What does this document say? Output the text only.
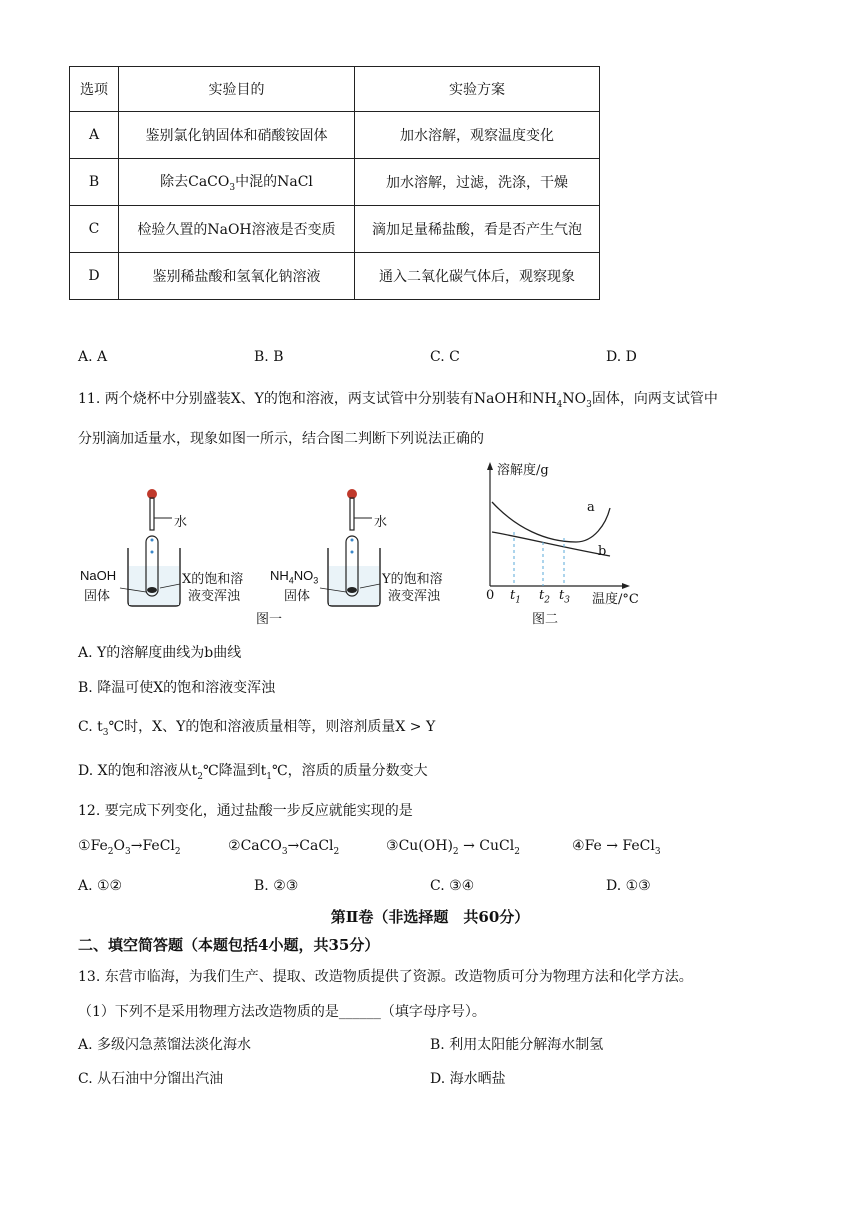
选项	实验目的	实验方案
A	鉴别氯化钠固体和硝酸铵固体	加水溶解，观察温度变化
B	除去CaCO$_3$中混的NaCl	加水溶解，过滤，洗涤，干燥
C	检验久置的NaOH溶液是否变质	滴加足量稀盐酸，看是否产生气泡
D	鉴别稀盐酸和氢氧化钠溶液	通入二氧化碳气体后，观察现象
A. A	B. B	C. C	D. D
11. 两个烧杯中分别盛装X、Y的饱和溶液，两支试管中分别装有NaOH和$NH_4NO_3$固体，向两支试管中
分别滴加适量水，现象如图一所示，结合图二判断下列说法正确的
水	水
NaOH
固体
X的饱和溶
液变浑浊
$NH_4NO_3$
固体
Y的饱和溶
液变浑浊
图一
溶解度/g
a
b
0 $t_1$ $t_2$ $t_3$ 温度/°C
图二
A. Y的溶解度曲线为b曲线
B. 降温可使X的饱和溶液变浑浊
C. $t_3℃$时，X、Y的饱和溶液质量相等，则溶剂质量X > Y
D. X的饱和溶液从$t_2℃$降温到$t_1℃$，溶质的质量分数变大
12. 要完成下列变化，通过盐酸一步反应就能实现的是
$①Fe_2O_3\to FeCl_2$	②CaCO$_3$→CaCl$_2$	$③Cu(OH)_2$ → CuCl$_2$	④Fe → FeCl$_3$
A. ①②	B. ②③	C. ③④	D. ①③
第Ⅱ卷（非选择题　共60分）
二、填空简答题（本题包括4小题，共35分）
13. 东营市临海，为我们生产、提取、改造物质提供了资源。改造物质可分为物理方法和化学方法。
（1）下列不是采用物理方法改造物质的是______（填字母序号）。
A. 多级闪急蒸馏法淡化海水	B. 利用太阳能分解海水制氢
C. 从石油中分馏出汽油	D. 海水晒盐
